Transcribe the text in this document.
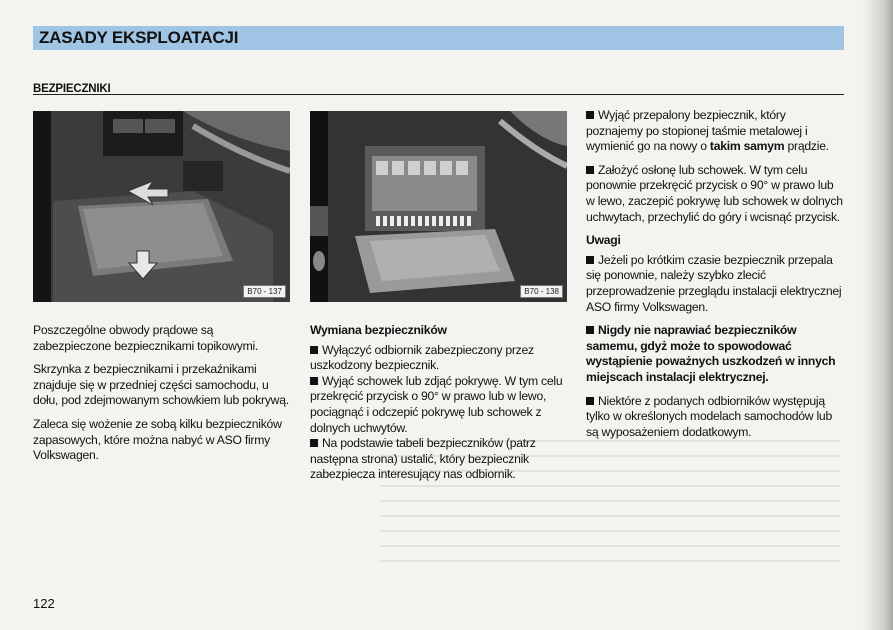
ZASADY EKSPLOATACJI
BEZPIECZNIKI
B70 - 137	B70 - 138

Poszczególne obwody prądowe są zabezpieczone bezpiecznikami topikowymi.

Skrzynka z bezpiecznikami i przekaźnikami znajduje się w przedniej części samochodu, u dołu, pod zdejmowanym schowkiem lub pokrywą.

Zaleca się wożenie ze sobą kilku bezpieczników zapasowych, które można nabyć w ASO firmy Volkswagen.

Wymiana bezpieczników

Wyłączyć odbiornik zabezpieczony przez uszkodzony bezpiecznik.

Wyjąć schowek lub zdjąć pokrywę. W tym celu przekręcić przycisk o 90° w prawo lub w lewo, pociągnąć i odczepić pokrywę lub schowek z dolnych uchwytów.

Na podstawie tabeli bezpieczników (patrz następna strona) ustalić, który bezpiecznik zabezpiecza interesujący nas odbiornik.

Wyjąć przepalony bezpiecznik, który poznajemy po stopionej taśmie metalowej i wymienić go na nowy o takim samym prądzie.

Założyć osłonę lub schowek. W tym celu ponownie przekręcić przycisk o 90° w prawo lub w lewo, zaczepić pokrywę lub schowek w dolnych uchwytach, przechylić do góry i wcisnąć przycisk.

Uwagi

Jeżeli po krótkim czasie bezpiecznik przepala się ponownie, należy szybko zlecić przeprowadzenie przeglądu instalacji elektrycznej ASO firmy Volkswagen.

Nigdy nie naprawiać bezpieczników samemu, gdyż może to spowodować wystąpienie poważnych uszkodzeń w innych miejscach instalacji elektrycznej.

Niektóre z podanych odbiorników występują tylko w określonych modelach samochodów lub są wyposażeniem dodatkowym.

122
